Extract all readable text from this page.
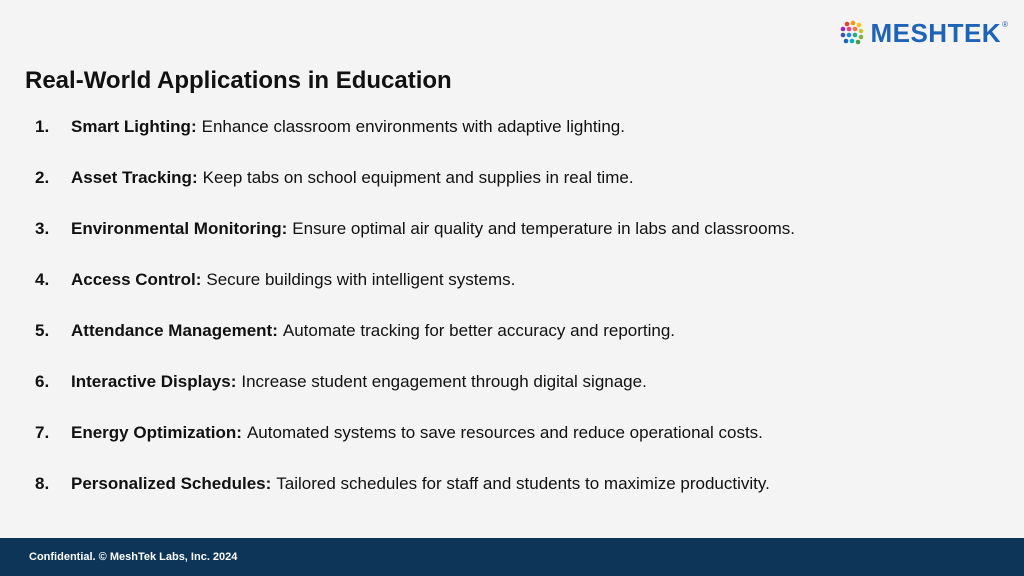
MESHTEK ®
Real-World Applications in Education
1.	Smart Lighting: Enhance classroom environments with adaptive lighting.
2.	Asset Tracking: Keep tabs on school equipment and supplies in real time.
3.	Environmental Monitoring: Ensure optimal air quality and temperature in labs and classrooms.
4.	Access Control: Secure buildings with intelligent systems.
5.	Attendance Management: Automate tracking for better accuracy and reporting.
6.	Interactive Displays: Increase student engagement through digital signage.
7.	Energy Optimization: Automated systems to save resources and reduce operational costs.
8.	Personalized Schedules: Tailored schedules for staff and students to maximize productivity.
Confidential. © MeshTek Labs, Inc. 2024
